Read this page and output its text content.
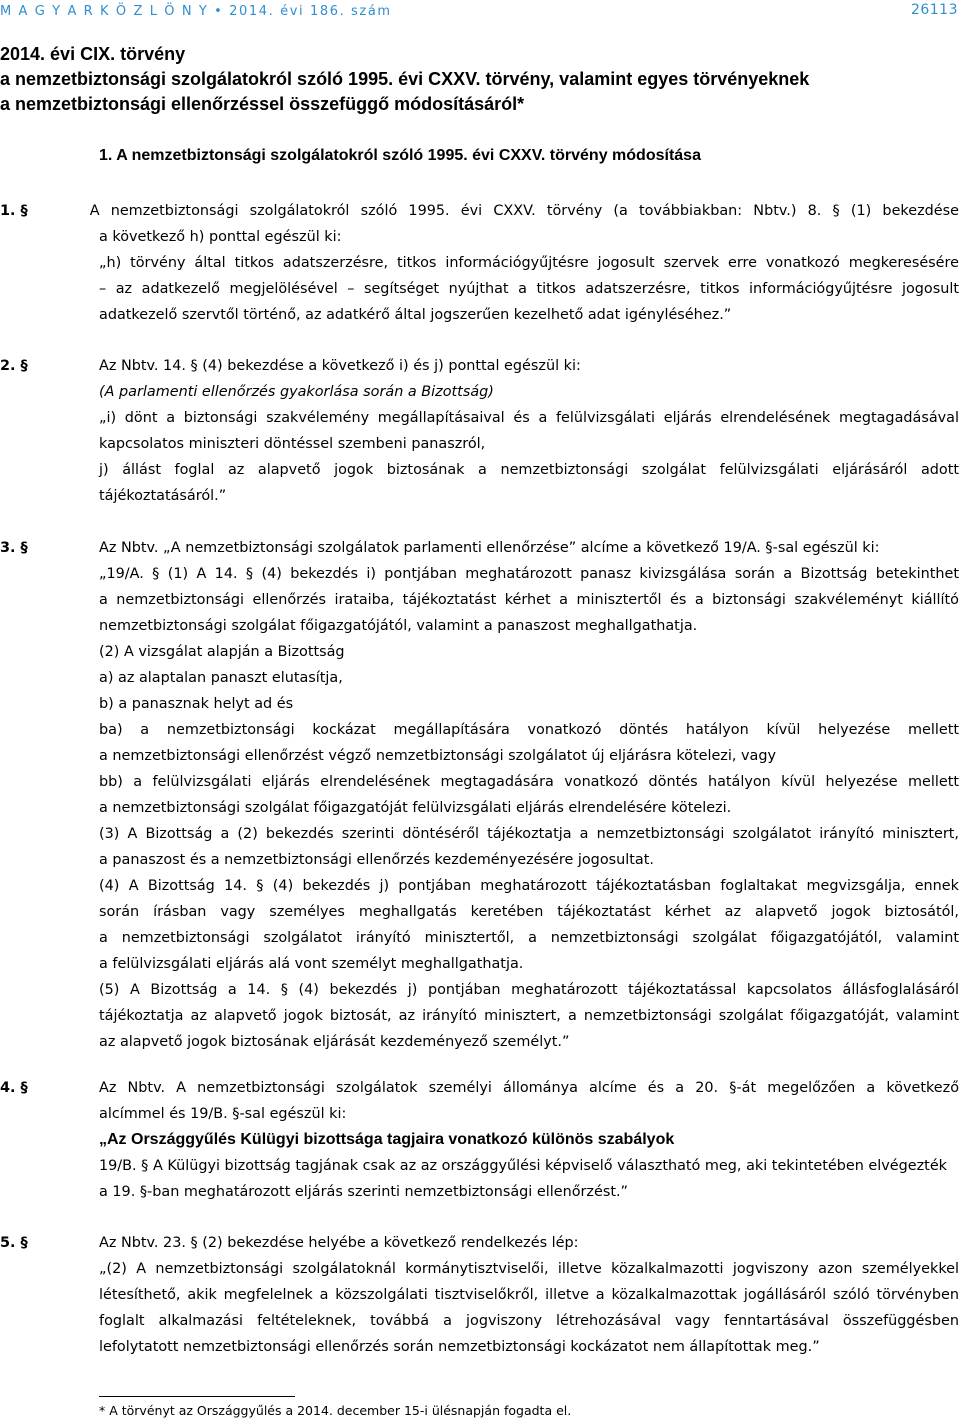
M A G Y A R K Ö Z L Ö N Y • 2014. évi 186. szám	26113
2014. évi CIX. törvény
a nemzetbiztonsági szolgálatokról szóló 1995. évi CXXV. törvény, valamint egyes törvényeknek
a nemzetbiztonsági ellenőrzéssel összefüggő módosításáról*
1. A nemzetbiztonsági szolgálatokról szóló 1995. évi CXXV. törvény módosítása
1. §	A nemzetbiztonsági szolgálatokról szóló 1995. évi CXXV. törvény (a továbbiakban: Nbtv.) 8. § (1) bekezdése
a következő h) ponttal egészül ki:
„h) törvény által titkos adatszerzésre, titkos információgyűjtésre jogosult szervek erre vonatkozó megkeresésére
– az adatkezelő megjelölésével – segítséget nyújthat a titkos adatszerzésre, titkos információgyűjtésre jogosult
adatkezelő szervtől történő, az adatkérő által jogszerűen kezelhető adat igényléséhez.”
2. §	Az Nbtv. 14. § (4) bekezdése a következő i) és j) ponttal egészül ki:
(A parlamenti ellenőrzés gyakorlása során a Bizottság)
„i) dönt a biztonsági szakvélemény megállapításaival és a felülvizsgálati eljárás elrendelésének megtagadásával
kapcsolatos miniszteri döntéssel szembeni panaszról,
j) állást foglal az alapvető jogok biztosának a nemzetbiztonsági szolgálat felülvizsgálati eljárásáról adott
tájékoztatásáról.”
3. §	Az Nbtv. „A nemzetbiztonsági szolgálatok parlamenti ellenőrzése” alcíme a következő 19/A. §-sal egészül ki:
„19/A. § (1) A 14. § (4) bekezdés i) pontjában meghatározott panasz kivizsgálása során a Bizottság betekinthet
a nemzetbiztonsági ellenőrzés irataiba, tájékoztatást kérhet a minisztertől és a biztonsági szakvéleményt kiállító
nemzetbiztonsági szolgálat főigazgatójától, valamint a panaszost meghallgathatja.
(2) A vizsgálat alapján a Bizottság
a) az alaptalan panaszt elutasítja,
b) a panasznak helyt ad és
ba) a nemzetbiztonsági kockázat megállapítására vonatkozó döntés hatályon kívül helyezése mellett
a nemzetbiztonsági ellenőrzést végző nemzetbiztonsági szolgálatot új eljárásra kötelezi, vagy
bb) a felülvizsgálati eljárás elrendelésének megtagadására vonatkozó döntés hatályon kívül helyezése mellett
a nemzetbiztonsági szolgálat főigazgatóját felülvizsgálati eljárás elrendelésére kötelezi.
(3) A Bizottság a (2) bekezdés szerinti döntéséről tájékoztatja a nemzetbiztonsági szolgálatot irányító minisztert,
a panaszost és a nemzetbiztonsági ellenőrzés kezdeményezésére jogosultat.
(4) A Bizottság 14. § (4) bekezdés j) pontjában meghatározott tájékoztatásban foglaltakat megvizsgálja, ennek
során írásban vagy személyes meghallgatás keretében tájékoztatást kérhet az alapvető jogok biztosától,
a nemzetbiztonsági szolgálatot irányító minisztertől, a nemzetbiztonsági szolgálat főigazgatójától, valamint
a felülvizsgálati eljárás alá vont személyt meghallgathatja.
(5) A Bizottság a 14. § (4) bekezdés j) pontjában meghatározott tájékoztatással kapcsolatos állásfoglalásáról
tájékoztatja az alapvető jogok biztosát, az irányító minisztert, a nemzetbiztonsági szolgálat főigazgatóját, valamint
az alapvető jogok biztosának eljárását kezdeményező személyt.”
4. §	Az Nbtv. A nemzetbiztonsági szolgálatok személyi állománya alcíme és a 20. §-át megelőzően a következő
alcímmel és 19/B. §-sal egészül ki:
„Az Országgyűlés Külügyi bizottsága tagjaira vonatkozó különös szabályok
19/B. § A Külügyi bizottság tagjának csak az az országgyűlési képviselő választható meg, aki tekintetében elvégezték
a 19. §-ban meghatározott eljárás szerinti nemzetbiztonsági ellenőrzést.”
5. §	Az Nbtv. 23. § (2) bekezdése helyébe a következő rendelkezés lép:
„(2) A nemzetbiztonsági szolgálatoknál kormánytisztviselői, illetve közalkalmazotti jogviszony azon személyekkel
létesíthető, akik megfelelnek a közszolgálati tisztviselőkről, illetve a közalkalmazottak jogállásáról szóló törvényben
foglalt alkalmazási feltételeknek, továbbá a jogviszony létrehozásával vagy fenntartásával összefüggésben
lefolytatott nemzetbiztonsági ellenőrzés során nemzetbiztonsági kockázatot nem állapítottak meg.”
* A törvényt az Országgyűlés a 2014. december 15-i ülésnapján fogadta el.
